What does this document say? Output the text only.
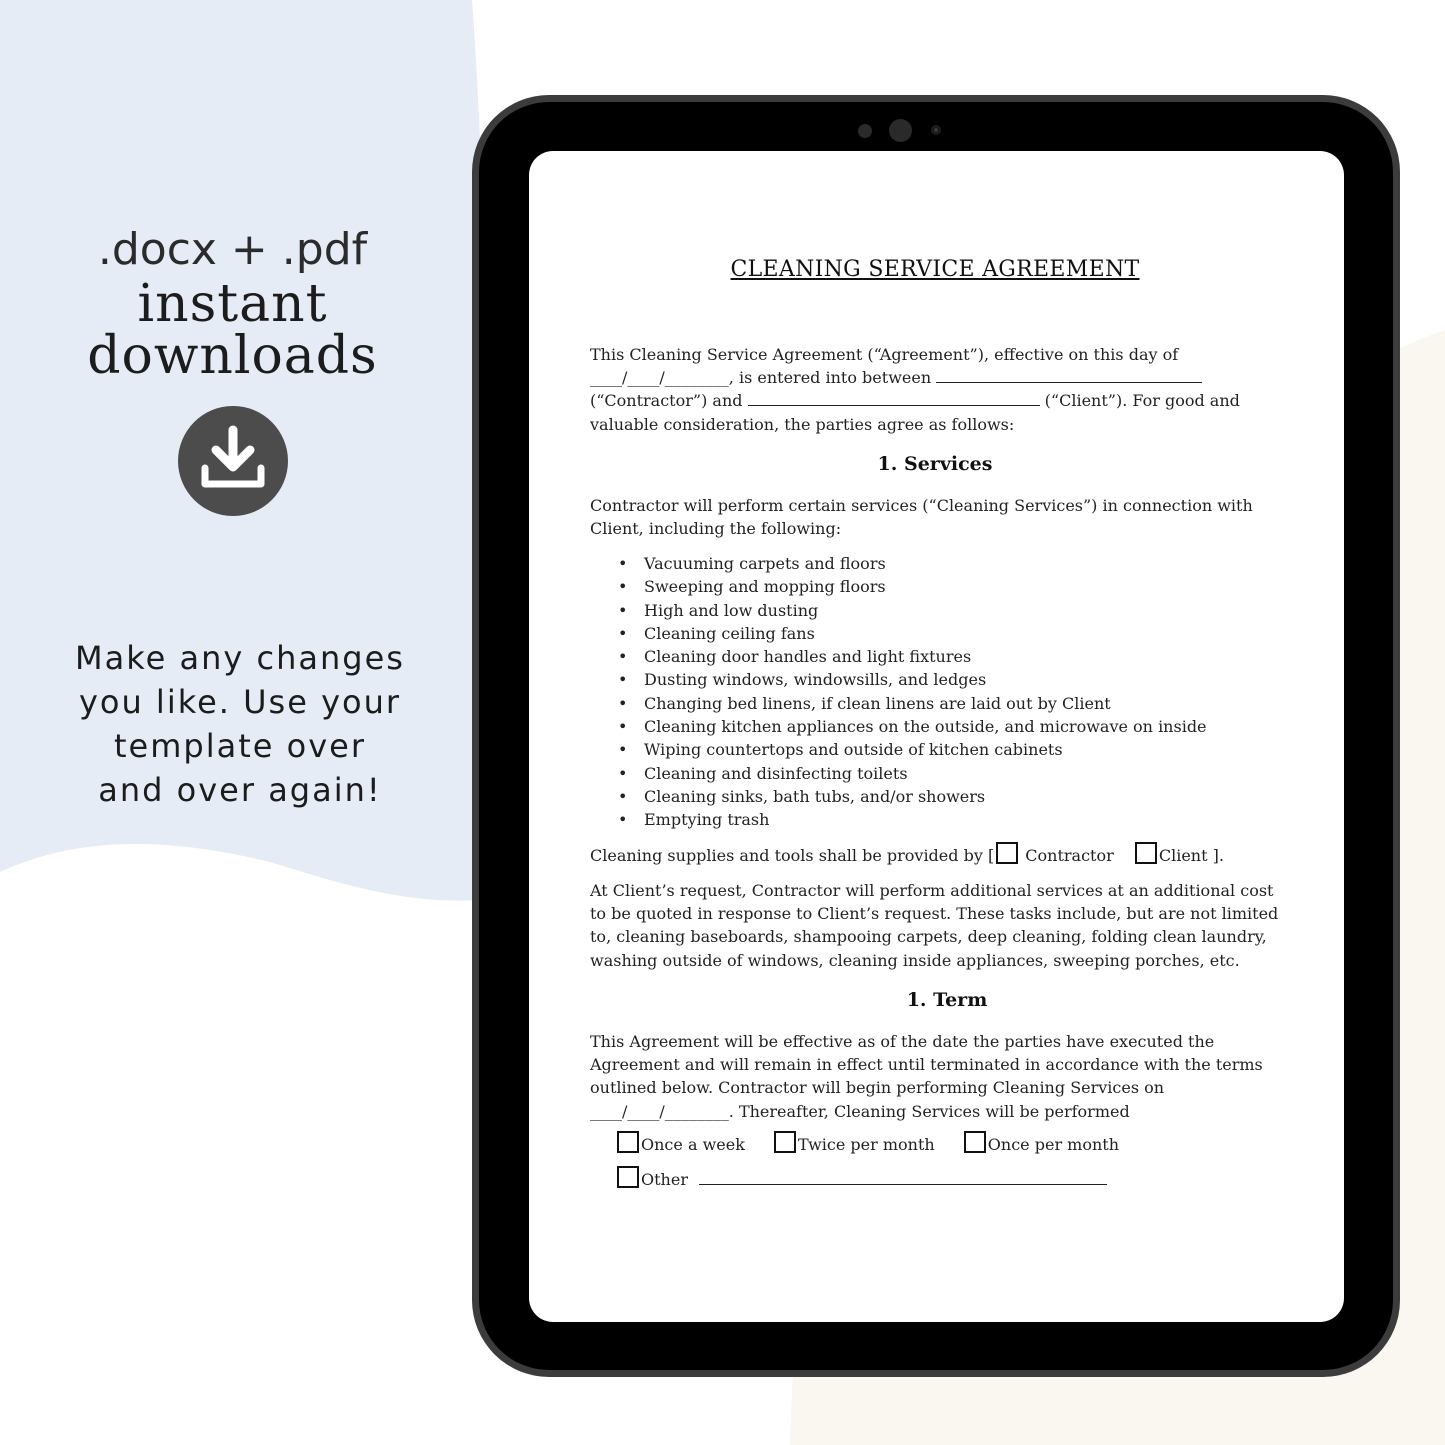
.docx + .pdf
instant
downloads
Make any changes
you like. Use your
template over
and over again!
CLEANING SERVICE AGREEMENT
This Cleaning Service Agreement (“Agreement”), effective on this day of
____/____/________, is entered into between
(“Contractor”) and	(“Client”). For good and
valuable consideration, the parties agree as follows:
1. Services
Contractor will perform certain services (“Cleaning Services”) in connection with
Client, including the following:
• Vacuuming carpets and floors
• Sweeping and mopping floors
• High and low dusting
• Cleaning ceiling fans
• Cleaning door handles and light fixtures
• Dusting windows, windowsills, and ledges
• Changing bed linens, if clean linens are laid out by Client
• Cleaning kitchen appliances on the outside, and microwave on inside
• Wiping countertops and outside of kitchen cabinets
• Cleaning and disinfecting toilets
• Cleaning sinks, bath tubs, and/or showers
• Emptying trash
Cleaning supplies and tools shall be provided by [ Contractor	Client ].
At Client’s request, Contractor will perform additional services at an additional cost
to be quoted in response to Client’s request. These tasks include, but are not limited
to, cleaning baseboards, shampooing carpets, deep cleaning, folding clean laundry,
washing outside of windows, cleaning inside appliances, sweeping porches, etc.
1. Term
This Agreement will be effective as of the date the parties have executed the
Agreement and will remain in effect until terminated in accordance with the terms
outlined below. Contractor will begin performing Cleaning Services on
____/____/________. Thereafter, Cleaning Services will be performed
Once a week	Twice per month	Once per month
Other
